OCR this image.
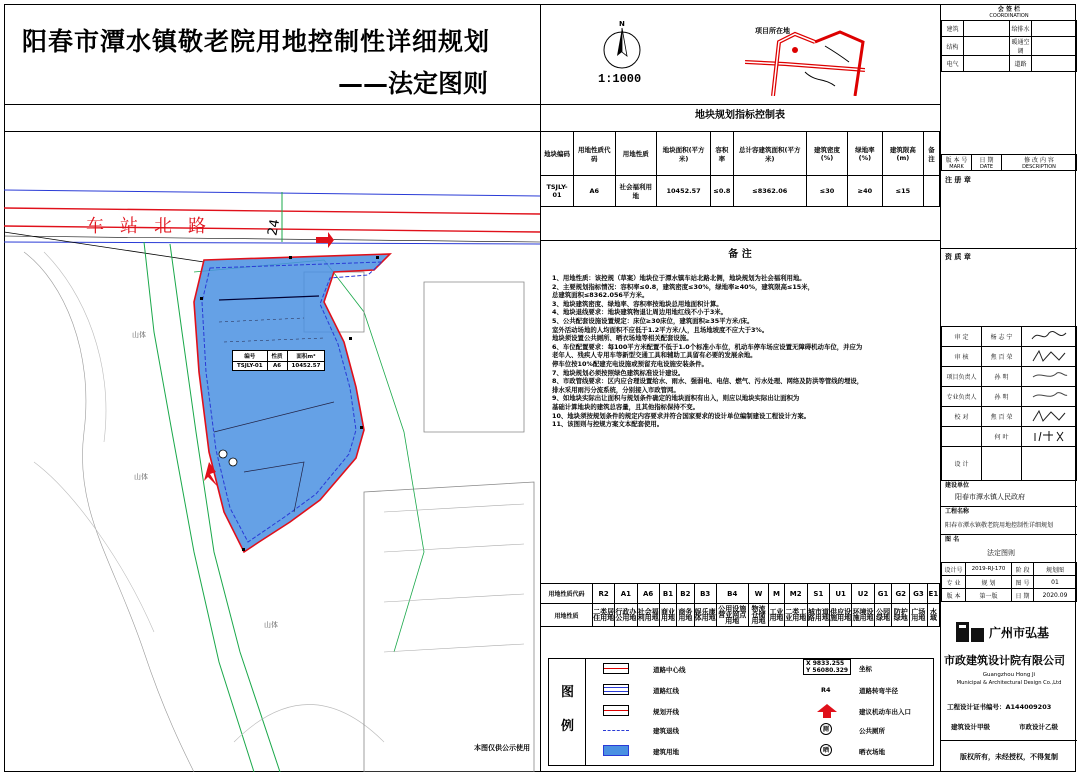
阳春市潭水镇敬老院用地控制性详细规划
——法定图则
N
1:1000
项目所在地
车站北路	24
山体
山体
山体
编号	性质	面积m²
TSJLY-01	A6	10452.57
本图仅供公示使用
地块规划指标控制表
地块编码	用地性质代码	用地性质	地块面积(平方米)	容积率	总计容建筑面积(平方米)	建筑密度(%)	绿地率(%)	建筑限高(m)	备注
TSJLY-01	A6	社会福利用地	10452.57	≤0.8	≤8362.06	≤30	≥40	≤15	
备 注
1、用地性质：该控规（草案）地块位于潭水镇车站北路北侧，地块规划为社会福利用地。
2、主要规划指标情况：容积率≤0.8，建筑密度≤30%，绿地率≥40%，建筑限高≤15米，
总建筑面积≤8362.056平方米。
3、地块建筑密度、绿地率、容积率按地块总用地面积计算。
4、地块退线要求：地块建筑物退让周边用地红线不小于3米。
5、公共配套设施设置规定：床位≥30床位，建筑面积≥35平方米/床。
室外活动场地的人均面积不应低于1.2平方米/人，且场地坡度不应大于3%。
地块须设置公共厕所、晒衣场地等相关配套设施。
6、车位配置要求：每100平方米配置不低于1.0个标准小车位，机动车停车场应设置无障碍机动车位，并应为
老年人、残疾人专用车等新型交通工具和辅助工具留有必要的发展余地。
停车位按10%配建充电设施或预留充电设施安装条件。
7、地块规划必须按照绿色建筑标准设计建设。
8、市政管线要求：区内应合理设置给水、雨水、强弱电、电信、燃气、污水处理、网络及防洪等管线的埋设，
排水采用雨污分流系统，分别接入市政管网。
9、如地块实际出让面积与规划条件确定的地块面积有出入，则应以地块实际出让面积为
基础计算地块的建筑总容量，且其他指标保持不变。
10、地块须按规划条件的规定内容要求并符合国家要求的设计单位编制建设工程设计方案。
11、该图则与控规方案文本配套使用。
用地性质代码	R2	A1	A6	B1	B2	B3	B4	W	M	M2	S1	U1	U2	G1	G2	G3	E1
用地性质	二类居住用地	行政办公用地	社会福利用地	商业用地	商务用地	娱乐康体用地	公用设施营业网点用地	物流仓储用地	工业用地	二类工业用地	城市道路用地	供应设施用地	环境设施用地	公园绿地	防护绿地	广场用地	水域
图
例
道路中心线
道路红线
规划开线
建筑退线
建筑用地
X 9833.255
Y 56080.329 坐标
R4	道路转弯半径
建议机动车出入口
厕	公共厕所
晒	晒衣场地
会 签 栏
COORDINATION
建筑		给排水	
结构		暖通空调	
电气		道路	
版 本 号
MARK

日 期
DATE

修 改 内 容
DESCRIPTION
注 册 章
资 质 章
审 定	杨 志 宁	
审 核	焦 百 荣	
项目负责人	孙 明	
专业负责人	孙 明	
校 对	焦 百 荣	
	何 叶	
设 计		
建设单位
阳春市潭水镇人民政府
工程名称
阳春市潭水镇敬老院用地控制性详细规划
图 名
法定图则
设计号	2019-RJ-170	阶 段	规划图
专 业	规 划	图 号	01
版 本	第一版	日 期	2020.09
广州市弘基
市政建筑设计院有限公司
Guangzhou Hong Ji
Municipal & Architectural Design Co.,Ltd
工程设计证书编号：A144009203
建筑设计甲级	市政设计乙级
版权所有，未经授权，不得复制
